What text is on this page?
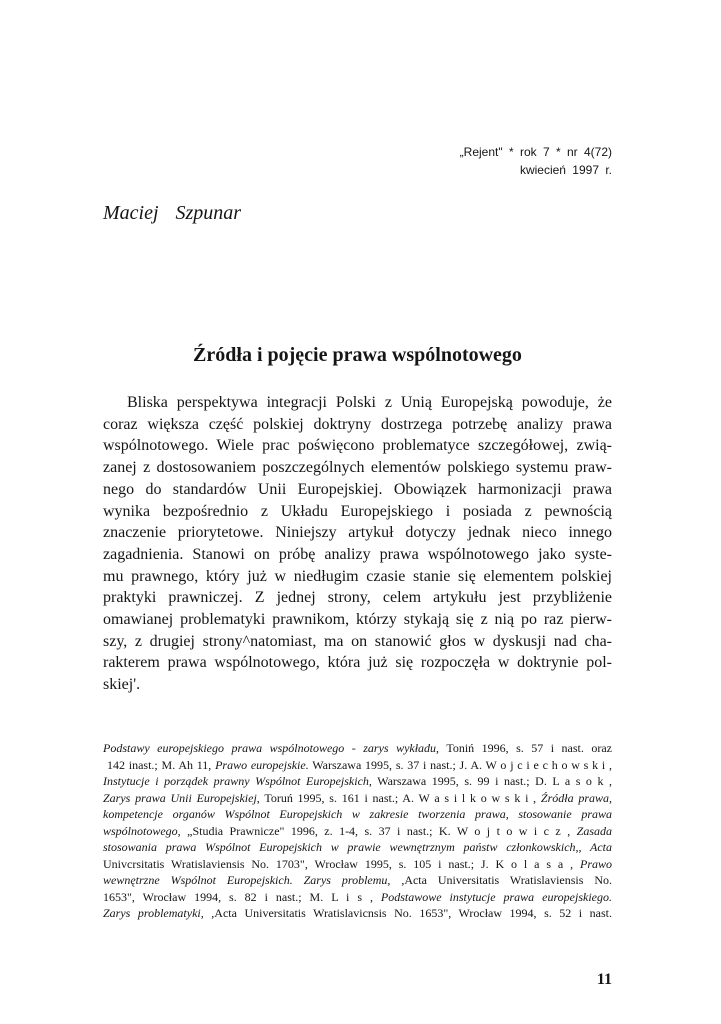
„Rejent" * rok 7 * nr 4(72)
kwiecień 1997 r.
Maciej Szpunar
Źródła i pojęcie prawa wspólnotowego
Bliska perspektywa integracji Polski z Unią Europejską powoduje, że
coraz większa część polskiej doktryny dostrzega potrzebę analizy prawa
wspólnotowego. Wiele prac poświęcono problematyce szczegółowej, zwią-
zanej z dostosowaniem poszczególnych elementów polskiego systemu praw-
nego do standardów Unii Europejskiej. Obowiązek harmonizacji prawa
wynika bezpośrednio z Układu Europejskiego i posiada z pewnością
znaczenie priorytetowe. Niniejszy artykuł dotyczy jednak nieco innego
zagadnienia. Stanowi on próbę analizy prawa wspólnotowego jako syste-
mu prawnego, który już w niedługim czasie stanie się elementem polskiej
praktyki prawniczej. Z jednej strony, celem artykułu jest przybliżenie
omawianej problematyki prawnikom, którzy stykają się z nią po raz pierw-
szy, z drugiej strony^natomiast, ma on stanowić głos w dyskusji nad cha-
rakterem prawa wspólnotowego, która już się rozpoczęła w doktrynie pol-
skiej'.
Podstawy europejskiego prawa wspólnotowego - zarys wykładu, Toniń 1996, s. 57 i nast. oraz
142 inast.; M. Ah 11, Prawo europejskie. Warszawa 1995, s. 37 i nast.; J. A. W o j c i e c h o w s k i ,
Instytucje i porządek prawny Wspólnot Europejskich, Warszawa 1995, s. 99 i nast.; D. L a s o k ,
Zarys prawa Unii Europejskiej, Toruń 1995, s. 161 i nast.; A. W a s i l k o w s k i , Źródła prawa,
kompetencje organów Wspólnot Europejskich w zakresie tworzenia prawa, stosowanie prawa
wspólnotowego, „Studia Prawnicze" 1996, z. 1-4, s. 37 i nast.; K. W o j t o w i c z , Zasada
stosowania prawa Wspólnot Europejskich w prawie wewnętrznym państw członkowskich,, Acta
Univcrsitatis Wratislaviensis No. 1703", Wrocław 1995, s. 105 i nast.; J. K o l a s a , Prawo
wewnętrzne Wspólnot Europejskich. Zarys problemu, ,Acta Universitatis Wratislaviensis No.
1653", Wrocław 1994, s. 82 i nast.; M. L i s , Podstawowe instytucje prawa europejskiego.
Zarys problematyki, ,Acta Universitatis Wratislavicnsis No. 1653", Wrocław 1994, s. 52 i nast.
11
